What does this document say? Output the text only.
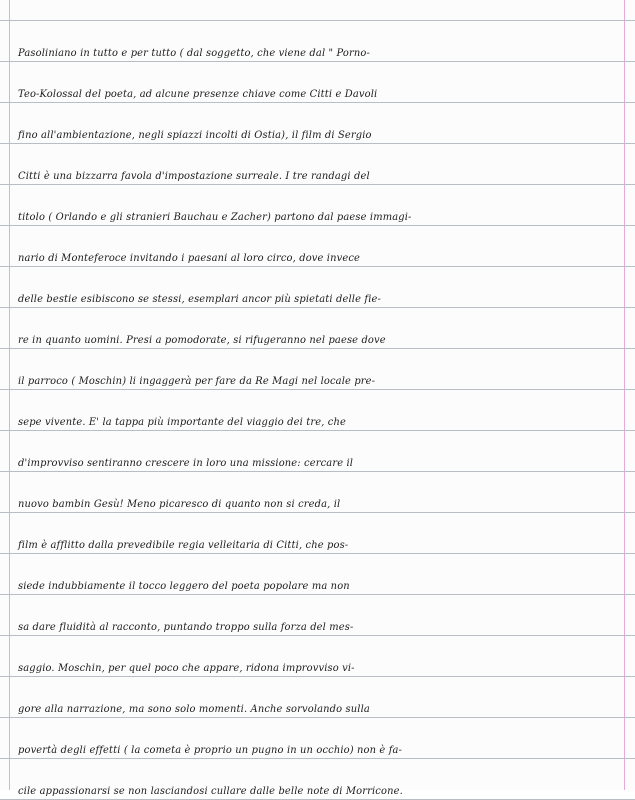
Pasoliniano in tutto e per tutto ( dal soggetto, che viene dal " Porno-
Teo-Kolossal del poeta, ad alcune presenze chiave come Citti e Davoli
fino all'ambientazione, negli spiazzi incolti di Ostia), il film di Sergio
Citti è una bizzarra favola d'impostazione surreale. I tre randagi del
titolo ( Orlando e gli stranieri Bauchau e Zacher) partono dal paese immagi-
nario di Monteferoce invitando i paesani al loro circo, dove invece
delle bestie esibiscono se stessi, esemplari ancor più spietati delle fie-
re in quanto uomini. Presi a pomodorate, si rifugeranno nel paese dove
il parroco ( Moschin) li ingaggerà per fare da Re Magi nel locale pre-
sepe vivente. E' la tappa più importante del viaggio dei tre, che
d'improvviso sentiranno crescere in loro una missione: cercare il
nuovo bambin Gesù! Meno picaresco di quanto non si creda, il
film è afflitto dalla prevedibile regia velleitaria di Citti, che pos-
siede indubbiamente il tocco leggero del poeta popolare ma non
sa dare fluidità al racconto, puntando troppo sulla forza del mes-
saggio. Moschin, per quel poco che appare, ridona improvviso vi-
gore alla narrazione, ma sono solo momenti. Anche sorvolando sulla
povertà degli effetti ( la cometa è proprio un pugno in un occhio) non è fa-
cile appassionarsi se non lasciandosi cullare dalle belle note di Morricone.
